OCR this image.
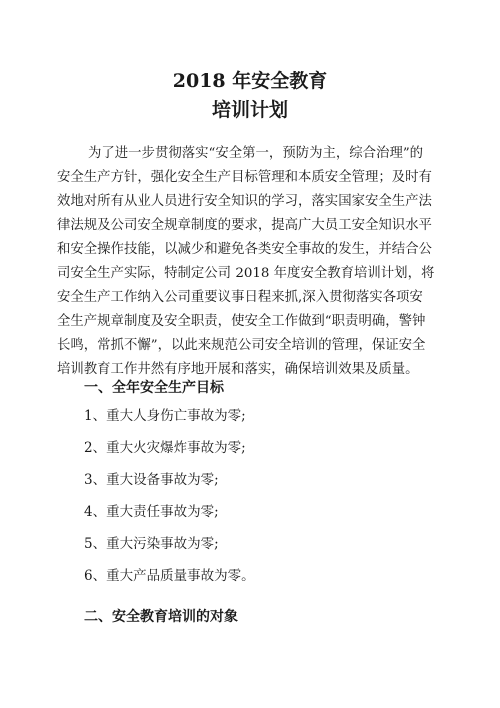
2018 年安全教育
培训计划
为了进一步贯彻落实“安全第一，预防为主，综合治理”的
安全生产方针，强化安全生产目标管理和本质安全管理；及时有
效地对所有从业人员进行安全知识的学习，落实国家安全生产法
律法规及公司安全规章制度的要求，提高广大员工安全知识水平
和安全操作技能，以减少和避免各类安全事故的发生，并结合公
司安全生产实际，特制定公司 2018 年度安全教育培训计划，将
安全生产工作纳入公司重要议事日程来抓,深入贯彻落实各项安
全生产规章制度及安全职责，使安全工作做到“职责明确，警钟
长鸣，常抓不懈”，以此来规范公司安全培训的管理，保证安全
培训教育工作井然有序地开展和落实，确保培训效果及质量。
一、全年安全生产目标
1、重大人身伤亡事故为零;
2、重大火灾爆炸事故为零;
3、重大设备事故为零;
4、重大责任事故为零;
5、重大污染事故为零;
6、重大产品质量事故为零。
二、安全教育培训的对象
